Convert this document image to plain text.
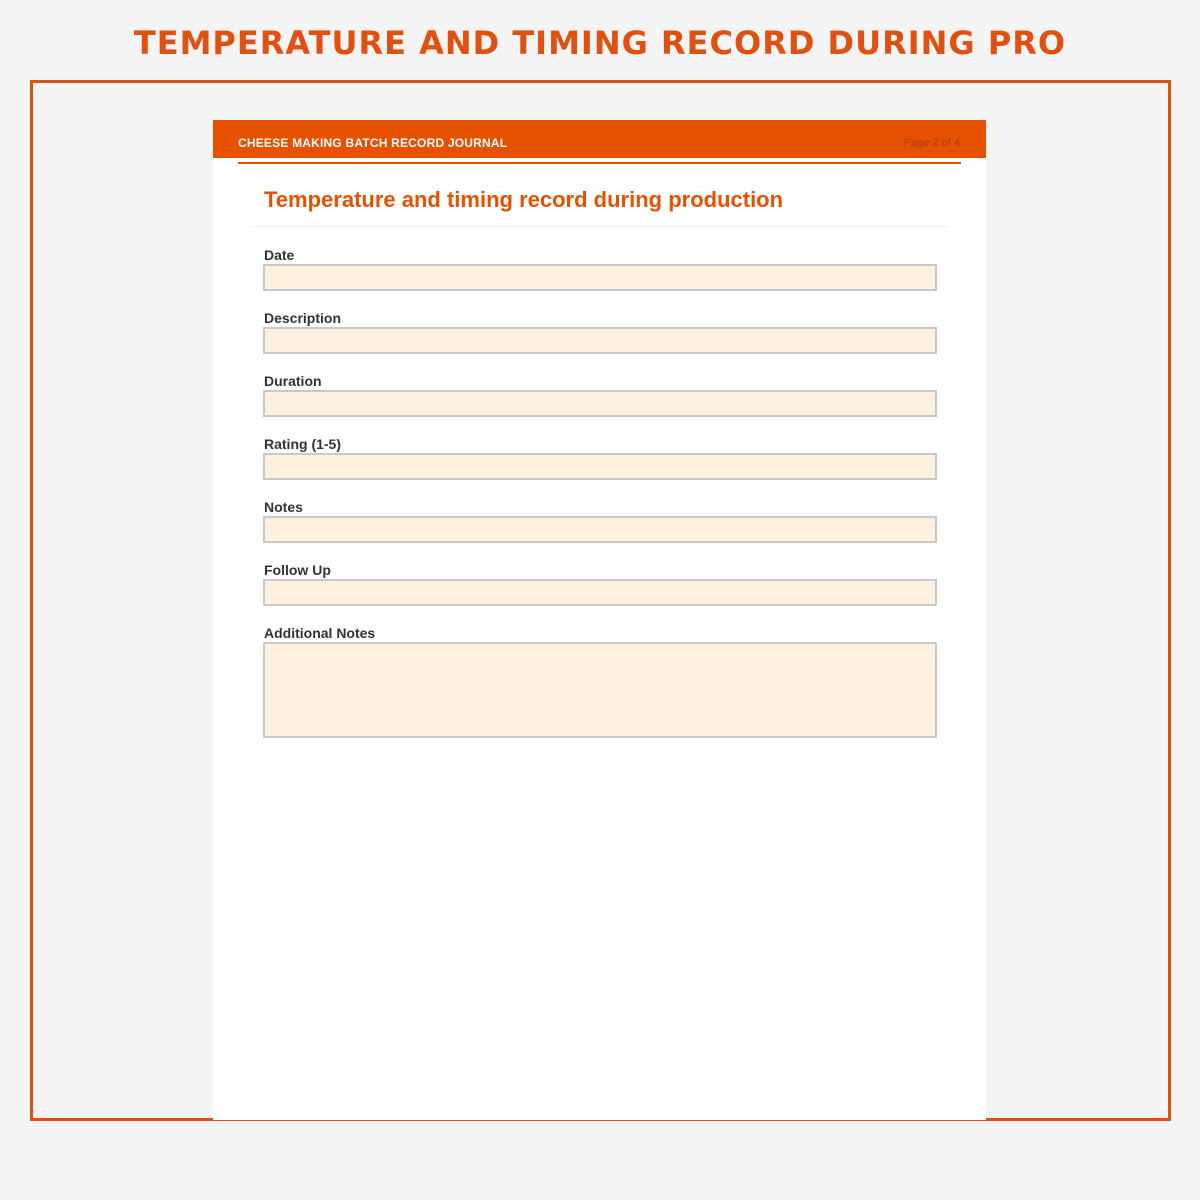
TEMPERATURE AND TIMING RECORD DURING PRO
CHEESE MAKING BATCH RECORD JOURNAL	Page 2 of 4
Temperature and timing record during production
Date
Description
Duration
Rating (1-5)
Notes
Follow Up
Additional Notes
